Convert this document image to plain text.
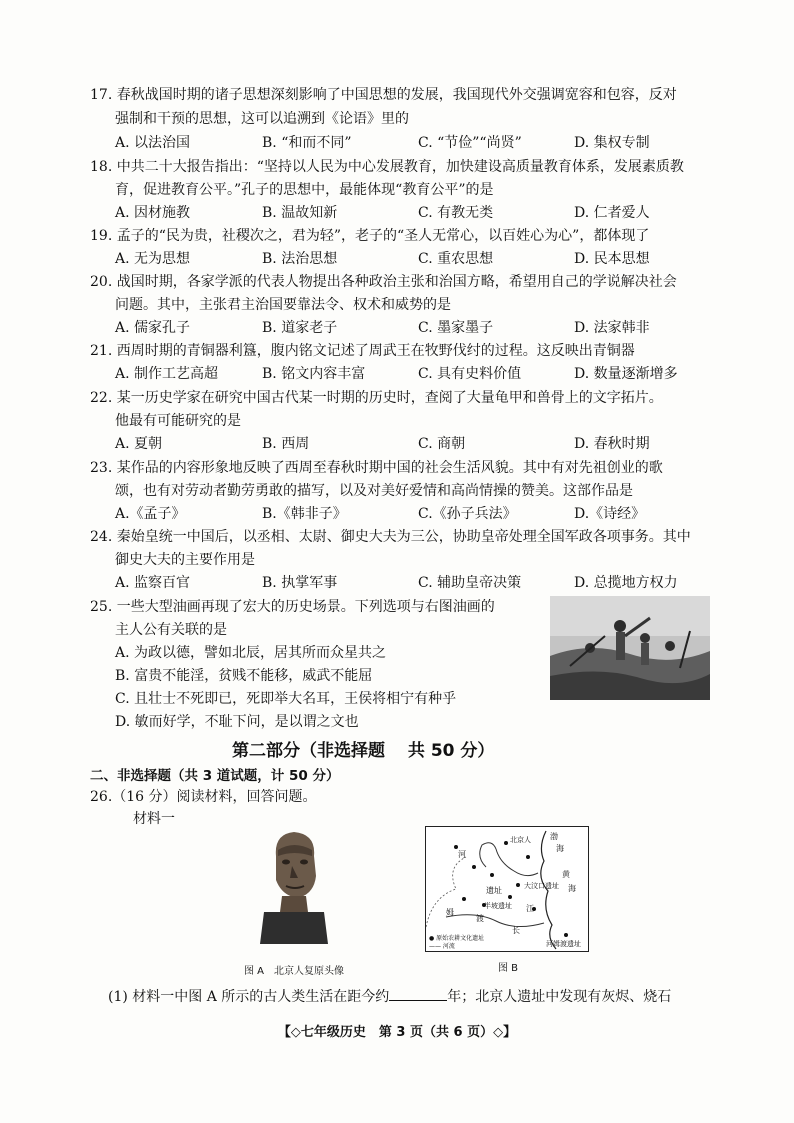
17. 春秋战国时期的诸子思想深刻影响了中国思想的发展，我国现代外交强调宽容和包容，反对
强制和干预的思想，这可以追溯到《论语》里的
A. 以法治国	B. “和而不同”	C. “节俭”“尚贤”	D. 集权专制
18. 中共二十大报告指出：“坚持以人民为中心发展教育，加快建设高质量教育体系，发展素质教
育，促进教育公平。”孔子的思想中，最能体现“教育公平”的是
A. 因材施教	B. 温故知新	C. 有教无类	D. 仁者爱人
19. 孟子的“民为贵，社稷次之，君为轻”，老子的“圣人无常心，以百姓心为心”，都体现了
A. 无为思想	B. 法治思想	C. 重农思想	D. 民本思想
20. 战国时期，各家学派的代表人物提出各种政治主张和治国方略，希望用自己的学说解决社会
问题。其中，主张君主治国要靠法令、权术和威势的是
A. 儒家孔子	B. 道家老子	C. 墨家墨子	D. 法家韩非
21. 西周时期的青铜器利簋，腹内铭文记述了周武王在牧野伐纣的过程。这反映出青铜器
A. 制作工艺高超	B. 铭文内容丰富	C. 具有史料价值	D. 数量逐渐增多
22. 某一历史学家在研究中国古代某一时期的历史时，查阅了大量龟甲和兽骨上的文字拓片。
他最有可能研究的是
A. 夏朝	B. 西周	C. 商朝	D. 春秋时期
23. 某作品的内容形象地反映了西周至春秋时期中国的社会生活风貌。其中有对先祖创业的歌
颂，也有对劳动者勤劳勇敢的描写，以及对美好爱情和高尚情操的赞美。这部作品是
A.《孟子》	B.《韩非子》	C.《孙子兵法》	D.《诗经》
24. 秦始皇统一中国后，以丞相、太尉、御史大夫为三公，协助皇帝处理全国军政各项事务。其中
御史大夫的主要作用是
A. 监察百官	B. 执掌军事	C. 辅助皇帝决策	D. 总揽地方权力
25. 一些大型油画再现了宏大的历史场景。下列选项与右图油画的
主人公有关联的是
A. 为政以德，譬如北辰，居其所而众星共之
B. 富贵不能淫，贫贱不能移，威武不能屈
C. 且壮士不死即已，死即举大名耳，王侯将相宁有种乎
D. 敏而好学，不耻下问，是以谓之文也
第二部分（非选择题　 共 50 分）
二、非选择题（共 3 道试题，计 50 分）
26.（16 分）阅读材料，回答问题。
材料一
图 A　北京人复原头像
渤
海
黄
海
江
长
河
姆
渡
遗址
北京人
半坡遗址
大汶口遗址
河姆渡遗址
● 原始农耕文化遗址
—— 河流
图 B
(1) 材料一中图 A 所示的古人类生活在距今约	年；北京人遗址中发现有灰烬、烧石
【◇七年级历史　第 3 页（共 6 页）◇】
